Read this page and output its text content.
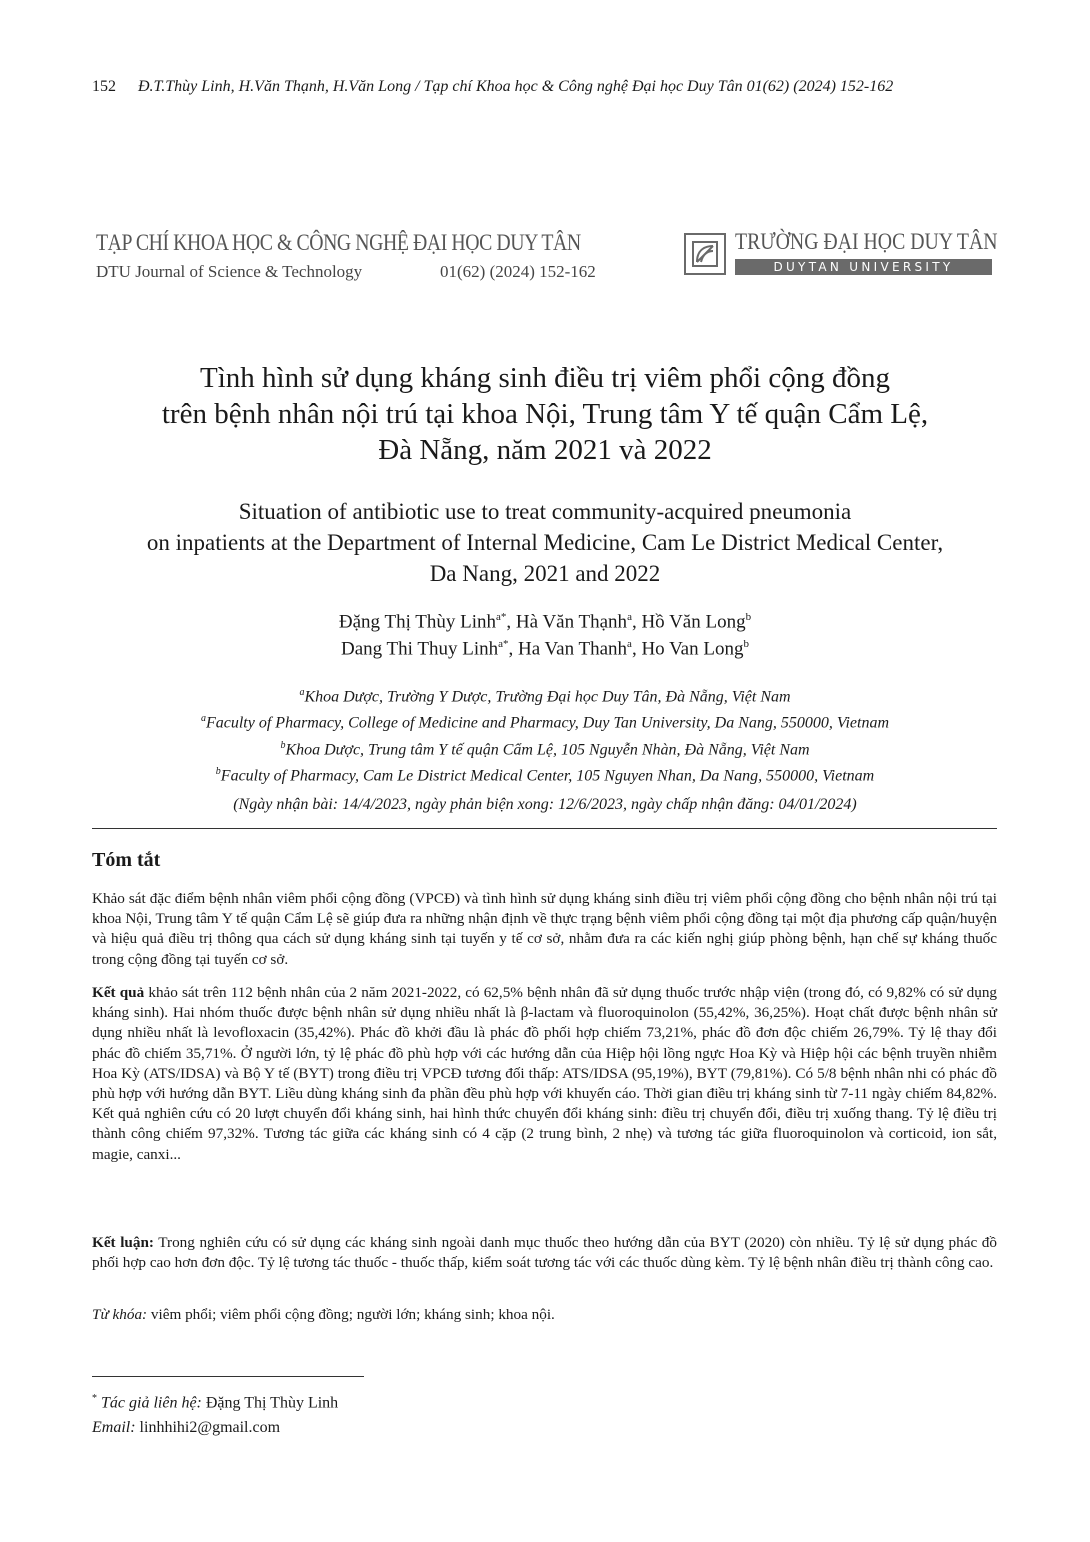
152 Đ.T.Thùy Linh, H.Văn Thạnh, H.Văn Long / Tạp chí Khoa học & Công nghệ Đại học Duy Tân 01(62) (2024) 152-162
TẠP CHÍ KHOA HỌC & CÔNG NGHỆ ĐẠI HỌC DUY TÂN
DTU Journal of Science & Technology	01(62) (2024) 152-162
TRƯỜNG ĐẠI HỌC DUY TÂN
DUYTAN UNIVERSITY
Tình hình sử dụng kháng sinh điều trị viêm phổi cộng đồng
trên bệnh nhân nội trú tại khoa Nội, Trung tâm Y tế quận Cẩm Lệ,
Đà Nẵng, năm 2021 và 2022
Situation of antibiotic use to treat community-acquired pneumonia
on inpatients at the Department of Internal Medicine, Cam Le District Medical Center,
Da Nang, 2021 and 2022
Đặng Thị Thùy Linh$^{a*}$, Hà Văn Thạnh$^a$, Hồ Văn Long$^b$
Dang Thi Thuy Linh$^{a*}$, Ha Van Thanh$^a$, Ho Van Long$^b$
$^a$Khoa Dược, Trường Y Dược, Trường Đại học Duy Tân, Đà Nẵng, Việt Nam
$^a$Faculty of Pharmacy, College of Medicine and Pharmacy, Duy Tan University, Da Nang, 550000, Vietnam
$^b$Khoa Dược, Trung tâm Y tế quận Cẩm Lệ, 105 Nguyễn Nhàn, Đà Nẵng, Việt Nam
$^b$Faculty of Pharmacy, Cam Le District Medical Center, 105 Nguyen Nhan, Da Nang, 550000, Vietnam
(Ngày nhận bài: 14/4/2023, ngày phản biện xong: 12/6/2023, ngày chấp nhận đăng: 04/01/2024)
Tóm tắt
Khảo sát đặc điểm bệnh nhân viêm phổi cộng đồng (VPCĐ) và tình hình sử dụng kháng sinh điều trị viêm phổi cộng đồng cho bệnh nhân nội trú tại khoa Nội, Trung tâm Y tế quận Cẩm Lệ sẽ giúp đưa ra những nhận định về thực trạng bệnh viêm phổi cộng đồng tại một địa phương cấp quận/huyện và hiệu quả điều trị thông qua cách sử dụng kháng sinh tại tuyến y tế cơ sở, nhằm đưa ra các kiến nghị giúp phòng bệnh, hạn chế sự kháng thuốc trong cộng đồng tại tuyến cơ sở.
Kết quả khảo sát trên 112 bệnh nhân của 2 năm 2021-2022, có 62,5% bệnh nhân đã sử dụng thuốc trước nhập viện (trong đó, có 9,82% có sử dụng kháng sinh). Hai nhóm thuốc được bệnh nhân sử dụng nhiều nhất là β-lactam và fluoroquinolon (55,42%, 36,25%). Hoạt chất được bệnh nhân sử dụng nhiều nhất là levofloxacin (35,42%). Phác đồ khởi đầu là phác đồ phối hợp chiếm 73,21%, phác đồ đơn độc chiếm 26,79%. Tỷ lệ thay đổi phác đồ chiếm 35,71%. Ở người lớn, tỷ lệ phác đồ phù hợp với các hướng dẫn của Hiệp hội lồng ngực Hoa Kỳ và Hiệp hội các bệnh truyền nhiễm Hoa Kỳ (ATS/IDSA) và Bộ Y tế (BYT) trong điều trị VPCĐ tương đối thấp: ATS/IDSA (95,19%), BYT (79,81%). Có 5/8 bệnh nhân nhi có phác đồ phù hợp với hướng dẫn BYT. Liều dùng kháng sinh đa phần đều phù hợp với khuyến cáo. Thời gian điều trị kháng sinh từ 7-11 ngày chiếm 84,82%. Kết quả nghiên cứu có 20 lượt chuyển đổi kháng sinh, hai hình thức chuyển đổi kháng sinh: điều trị chuyển đổi, điều trị xuống thang. Tỷ lệ điều trị thành công chiếm 97,32%. Tương tác giữa các kháng sinh có 4 cặp (2 trung bình, 2 nhẹ) và tương tác giữa fluoroquinolon và corticoid, ion sắt, magie, canxi...
Kết luận: Trong nghiên cứu có sử dụng các kháng sinh ngoài danh mục thuốc theo hướng dẫn của BYT (2020) còn nhiều. Tỷ lệ sử dụng phác đồ phối hợp cao hơn đơn độc. Tỷ lệ tương tác thuốc - thuốc thấp, kiểm soát tương tác với các thuốc dùng kèm. Tỷ lệ bệnh nhân điều trị thành công cao.
Từ khóa: viêm phổi; viêm phổi cộng đồng; người lớn; kháng sinh; khoa nội.
* Tác giả liên hệ: Đặng Thị Thùy Linh
Email: linhhihi2@gmail.com
